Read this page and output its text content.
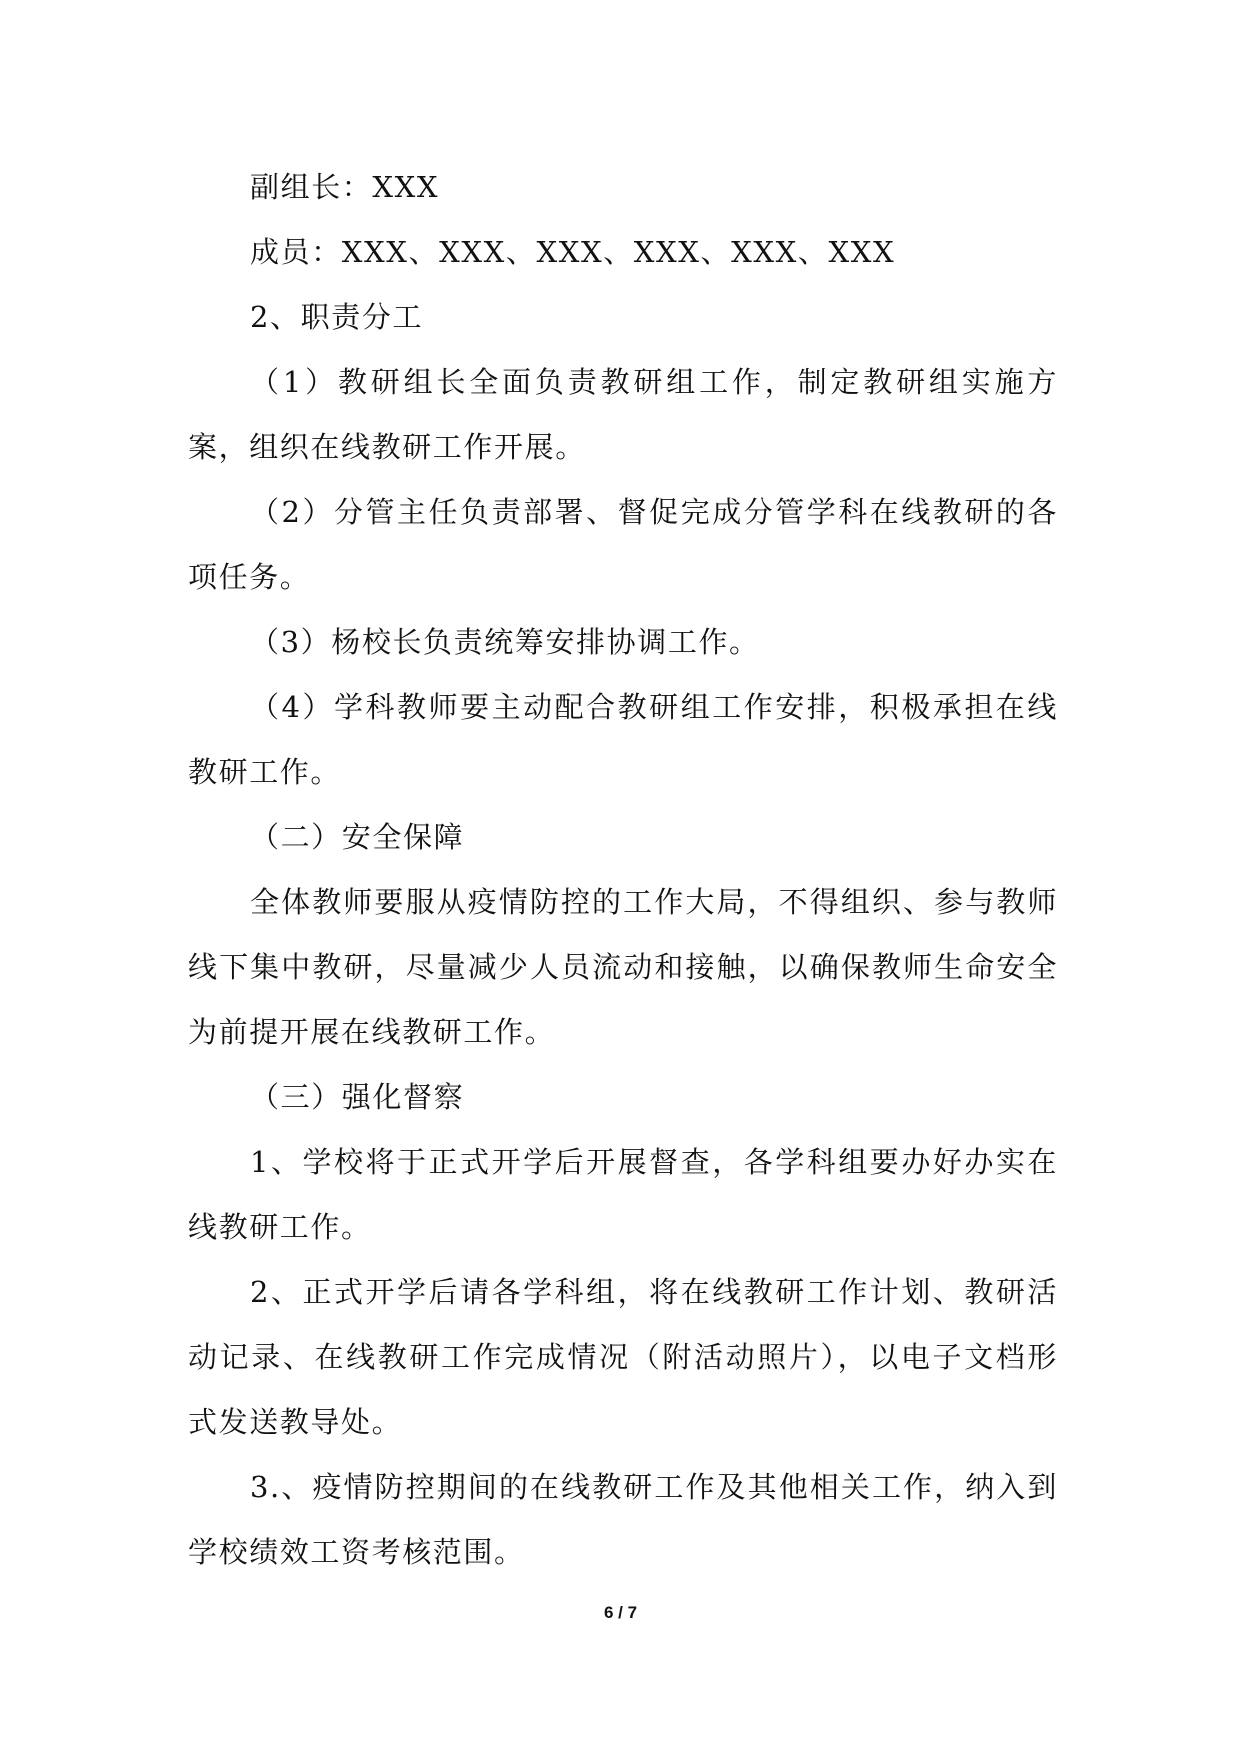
副组长：XXX

成员：XXX、XXX、XXX、XXX、XXX、XXX

2、职责分工

（1）教研组长全面负责教研组工作，制定教研组实施方案，组织在线教研工作开展。

（2）分管主任负责部署、督促完成分管学科在线教研的各项任务。

（3）杨校长负责统筹安排协调工作。

（4）学科教师要主动配合教研组工作安排，积极承担在线教研工作。

（二）安全保障

全体教师要服从疫情防控的工作大局，不得组织、参与教师线下集中教研，尽量减少人员流动和接触，以确保教师生命安全为前提开展在线教研工作。

（三）强化督察

1、学校将于正式开学后开展督查，各学科组要办好办实在线教研工作。

2、正式开学后请各学科组，将在线教研工作计划、教研活动记录、在线教研工作完成情况（附活动照片），以电子文档形式发送教导处。

3.、疫情防控期间的在线教研工作及其他相关工作，纳入到学校绩效工资考核范围。

6 / 7
